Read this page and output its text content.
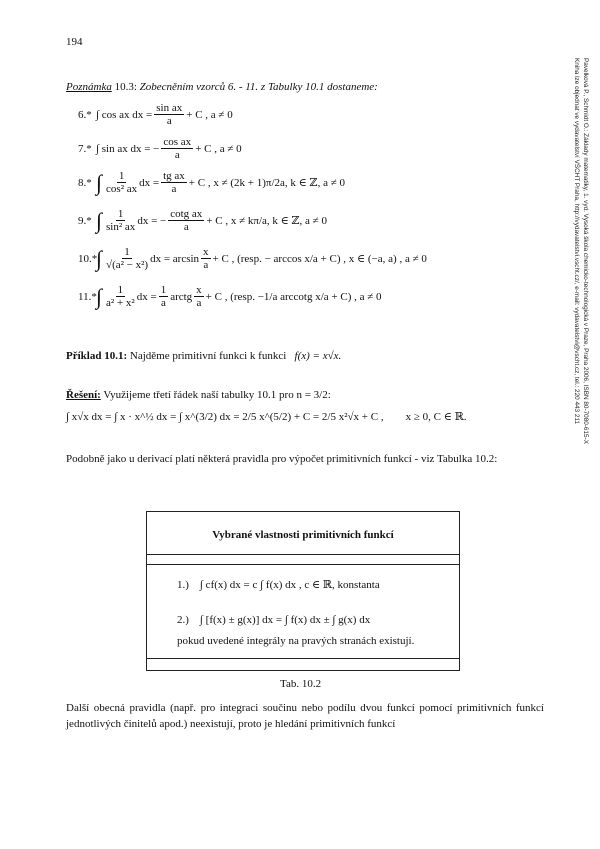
194
Pavelková P., Schmidt O.: Základy matematiky, 1. vyd. Vysoká škola chemicko-technologická v Praze, Praha 2006, ISBN 80-7080-615-X
Kniha lze objednat ve vydavatelství VŠCHT Praha, http://vydavatelstvi.vscht.cz/, e-mail: vydavatelstvi@vscht.cz, tel.: 220 443 211
Poznámka 10.3: Zobecněním vzorců 6. - 11. z Tabulky 10.1 dostaneme:
6.* ∫ cos ax dx = $\frac{\text{sin ax}}{a} + C$ , a ≠ 0
7.* ∫ sin ax dx = − $\frac{\text{cos ax}}{a} + C$ , a ≠ 0
8.* ∫ $\frac{1}{\text{cos² ax}}$ dx = $\frac{\text{tg ax}}{a} + C$ , x ≠ (2k + 1)π/2a, k ∈ ℤ, a ≠ 0
9.* ∫ $\frac{1}{\text{sin² ax}}$ dx = − $\frac{\text{cotg ax}}{a} + C$ , x ≠ kπ/a, k ∈ ℤ, a ≠ 0
10.*
∫ $\frac{1}{\text{√(a² − x²)}}$ dx = $\arcsin \frac{x}{a} + C$ , (resp. − arccos x/a + C) , x ∈ (−a, a) , a ≠ 0
11.* ∫ $\frac{1}{\text{a² + x²}}$ dx = $\frac{1}{a}$ arctg $\frac{x}{a} + C$ , (resp. −1/a arccotg x/a + C) , a ≠ 0
Příklad 10.1: Najděme primitivní funkci k funkci f(x) = x√x.
Řešení: Využijeme třetí řádek naší tabulky 10.1 pro n = 3/2:
∫ x√x dx = ∫ x · x^½ dx = ∫ x^(3/2) dx = 2/5 x^(5/2) + C = 2/5 x²√x + C , x ≥ 0, C ∈ ℝ.
Podobně jako u derivací platí některá pravidla pro výpočet primitivních funkcí - viz Tabulka 10.2:
Vybrané vlastnosti primitivních funkcí
1.) ∫ cf(x) dx = c ∫ f(x) dx , c ∈ ℝ, konstanta
2.) ∫ [f(x) ± g(x)] dx = ∫ f(x) dx ± ∫ g(x) dx
pokud uvedené integrály na pravých stranách existují.
Tab. 10.2
Další obecná pravidla (např. pro integraci součinu nebo podílu dvou funkcí pomocí primitivních funkcí jednotlivých činitelů apod.) neexistují, proto je hledání primitivních funkcí
